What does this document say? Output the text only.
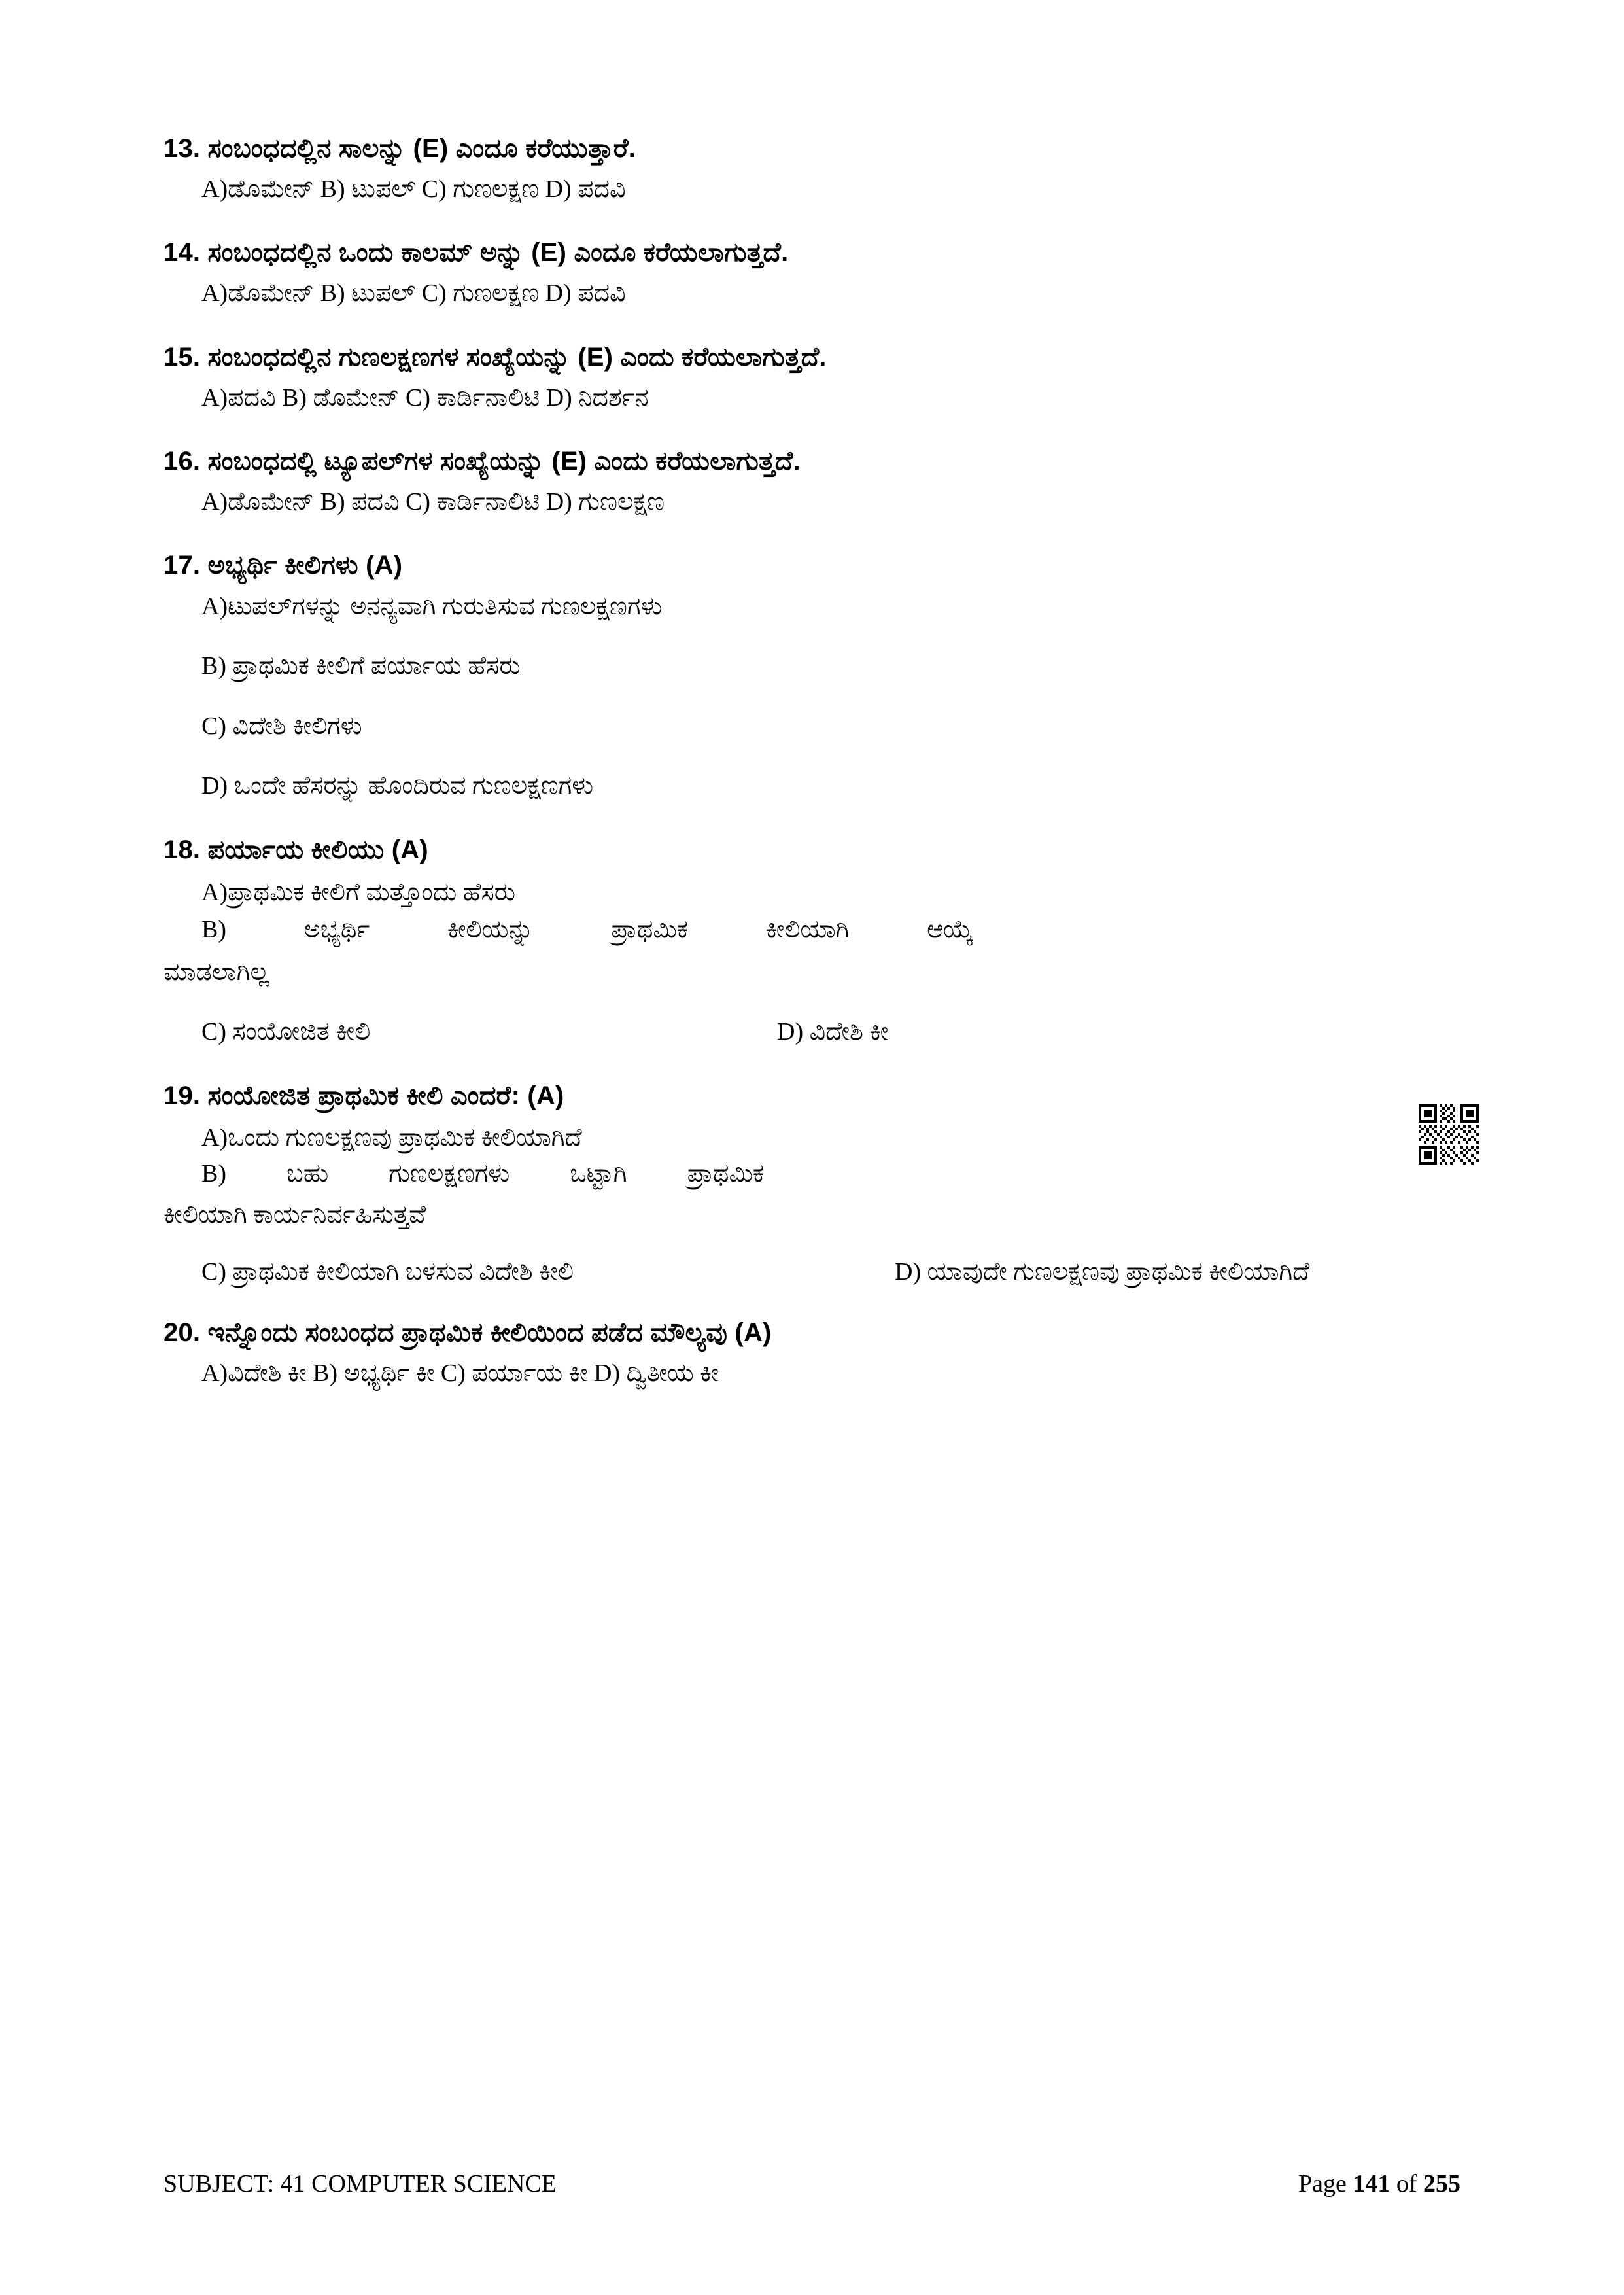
13. ಸಂಬಂಧದಲ್ಲಿನ ಸಾಲನ್ನು (E) ಎಂದೂ ಕರೆಯುತ್ತಾರೆ.

A)ಡೊಮೇನ್ B) ಟುಪಲ್ C) ಗುಣಲಕ್ಷಣ D) ಪದವಿ

14. ಸಂಬಂಧದಲ್ಲಿನ ಒಂದು ಕಾಲಮ್ ಅನ್ನು (E) ಎಂದೂ ಕರೆಯಲಾಗುತ್ತದೆ.

A)ಡೊಮೇನ್ B) ಟುಪಲ್ C) ಗುಣಲಕ್ಷಣ D) ಪದವಿ

15. ಸಂಬಂಧದಲ್ಲಿನ ಗುಣಲಕ್ಷಣಗಳ ಸಂಖ್ಯೆಯನ್ನು (E) ಎಂದು ಕರೆಯಲಾಗುತ್ತದೆ.

A)ಪದವಿ B) ಡೊಮೇನ್ C) ಕಾರ್ಡಿನಾಲಿಟಿ D) ನಿದರ್ಶನ

16. ಸಂಬಂಧದಲ್ಲಿ ಟ್ಯೂಪಲ್‌ಗಳ ಸಂಖ್ಯೆಯನ್ನು (E) ಎಂದು ಕರೆಯಲಾಗುತ್ತದೆ.

A)ಡೊಮೇನ್ B) ಪದವಿ C) ಕಾರ್ಡಿನಾಲಿಟಿ D) ಗುಣಲಕ್ಷಣ

17. ಅಭ್ಯರ್ಥಿ ಕೀಲಿಗಳು (A)

A)ಟುಪಲ್‌ಗಳನ್ನು ಅನನ್ಯವಾಗಿ ಗುರುತಿಸುವ ಗುಣಲಕ್ಷಣಗಳು

B) ಪ್ರಾಥಮಿಕ ಕೀಲಿಗೆ ಪರ್ಯಾಯ ಹೆಸರು

C) ವಿದೇಶಿ ಕೀಲಿಗಳು

D) ಒಂದೇ ಹೆಸರನ್ನು ಹೊಂದಿರುವ ಗುಣಲಕ್ಷಣಗಳು

18. ಪರ್ಯಾಯ ಕೀಲಿಯು (A)

A)ಪ್ರಾಥಮಿಕ ಕೀಲಿಗೆ ಮತ್ತೊಂದು ಹೆಸರುB) ಅಭ್ಯರ್ಥಿ ಕೀಲಿಯನ್ನು ಪ್ರಾಥಮಿಕ ಕೀಲಿಯಾಗಿ ಆಯ್ಕೆ

ಮಾಡಲಾಗಿಲ್ಲ

C) ಸಂಯೋಜಿತ ಕೀಲಿ	D) ವಿದೇಶಿ ಕೀ

19. ಸಂಯೋಜಿತ ಪ್ರಾಥಮಿಕ ಕೀಲಿ ಎಂದರೆ: (A)

A)ಒಂದು ಗುಣಲಕ್ಷಣವು ಪ್ರಾಥಮಿಕ ಕೀಲಿಯಾಗಿದೆB) ಬಹು ಗುಣಲಕ್ಷಣಗಳು ಒಟ್ಟಾಗಿ ಪ್ರಾಥಮಿಕ

ಕೀಲಿಯಾಗಿ ಕಾರ್ಯನಿರ್ವಹಿಸುತ್ತವೆ

C) ಪ್ರಾಥಮಿಕ ಕೀಲಿಯಾಗಿ ಬಳಸುವ ವಿದೇಶಿ ಕೀಲಿ	D) ಯಾವುದೇ ಗುಣಲಕ್ಷಣವು ಪ್ರಾಥಮಿಕ ಕೀಲಿಯಾಗಿದೆ

20. ಇನ್ನೊಂದು ಸಂಬಂಧದ ಪ್ರಾಥಮಿಕ ಕೀಲಿಯಿಂದ ಪಡೆದ ಮೌಲ್ಯವು (A)

A)ವಿದೇಶಿ ಕೀ B) ಅಭ್ಯರ್ಥಿ ಕೀ C) ಪರ್ಯಾಯ ಕೀ D) ದ್ವಿತೀಯ ಕೀ

SUBJECT: 41 COMPUTER SCIENCE	Page 141 of 255
